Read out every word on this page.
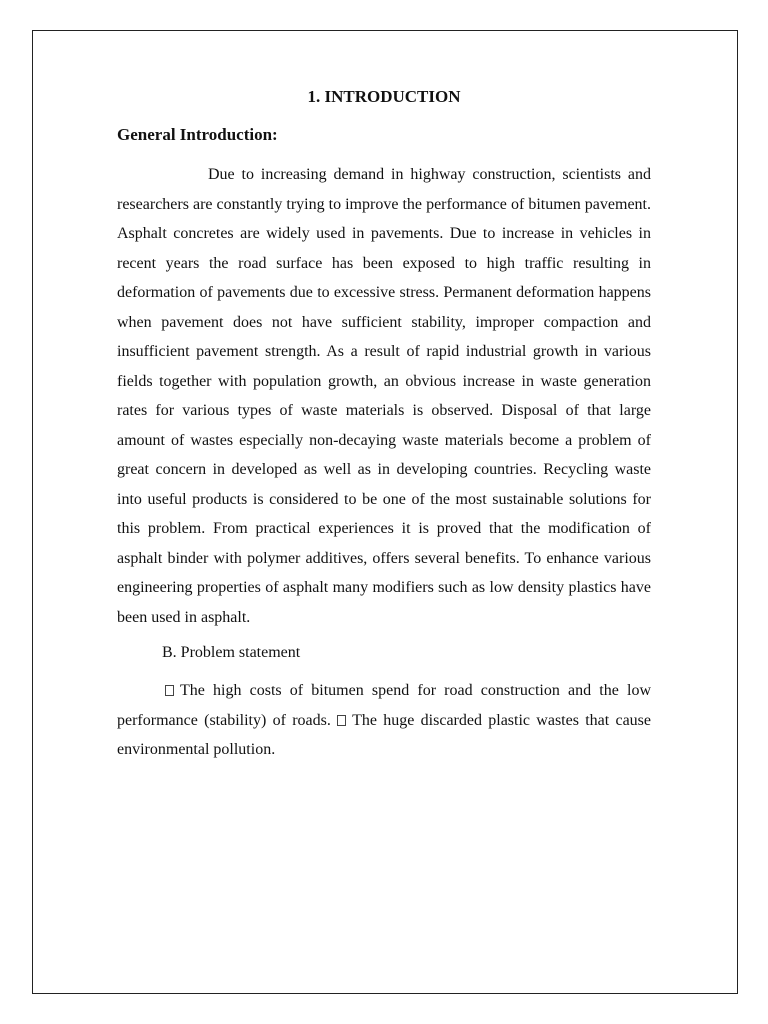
1. INTRODUCTION
General Introduction:

Due to increasing demand in highway construction, scientists and researchers are constantly trying to improve the performance of bitumen pavement. Asphalt concretes are widely used in pavements. Due to increase in vehicles in recent years the road surface has been exposed to high traffic resulting in deformation of pavements due to excessive stress. Permanent deformation happens when pavement does not have sufficient stability, improper compaction and insufficient pavement strength. As a result of rapid industrial growth in various fields together with population growth, an obvious increase in waste generation rates for various types of waste materials is observed. Disposal of that large amount of wastes especially non-decaying waste materials become a problem of great concern in developed as well as in developing countries. Recycling waste into useful products is considered to be one of the most sustainable solutions for this problem. From practical experiences it is proved that the modification of asphalt binder with polymer additives, offers several benefits. To enhance various engineering properties of asphalt many modifiers such as low density plastics have been used in asphalt.

B. Problem statement

The high costs of bitumen spend for road construction and the low performance (stability) of roads. The huge discarded plastic wastes that cause environmental pollution.
